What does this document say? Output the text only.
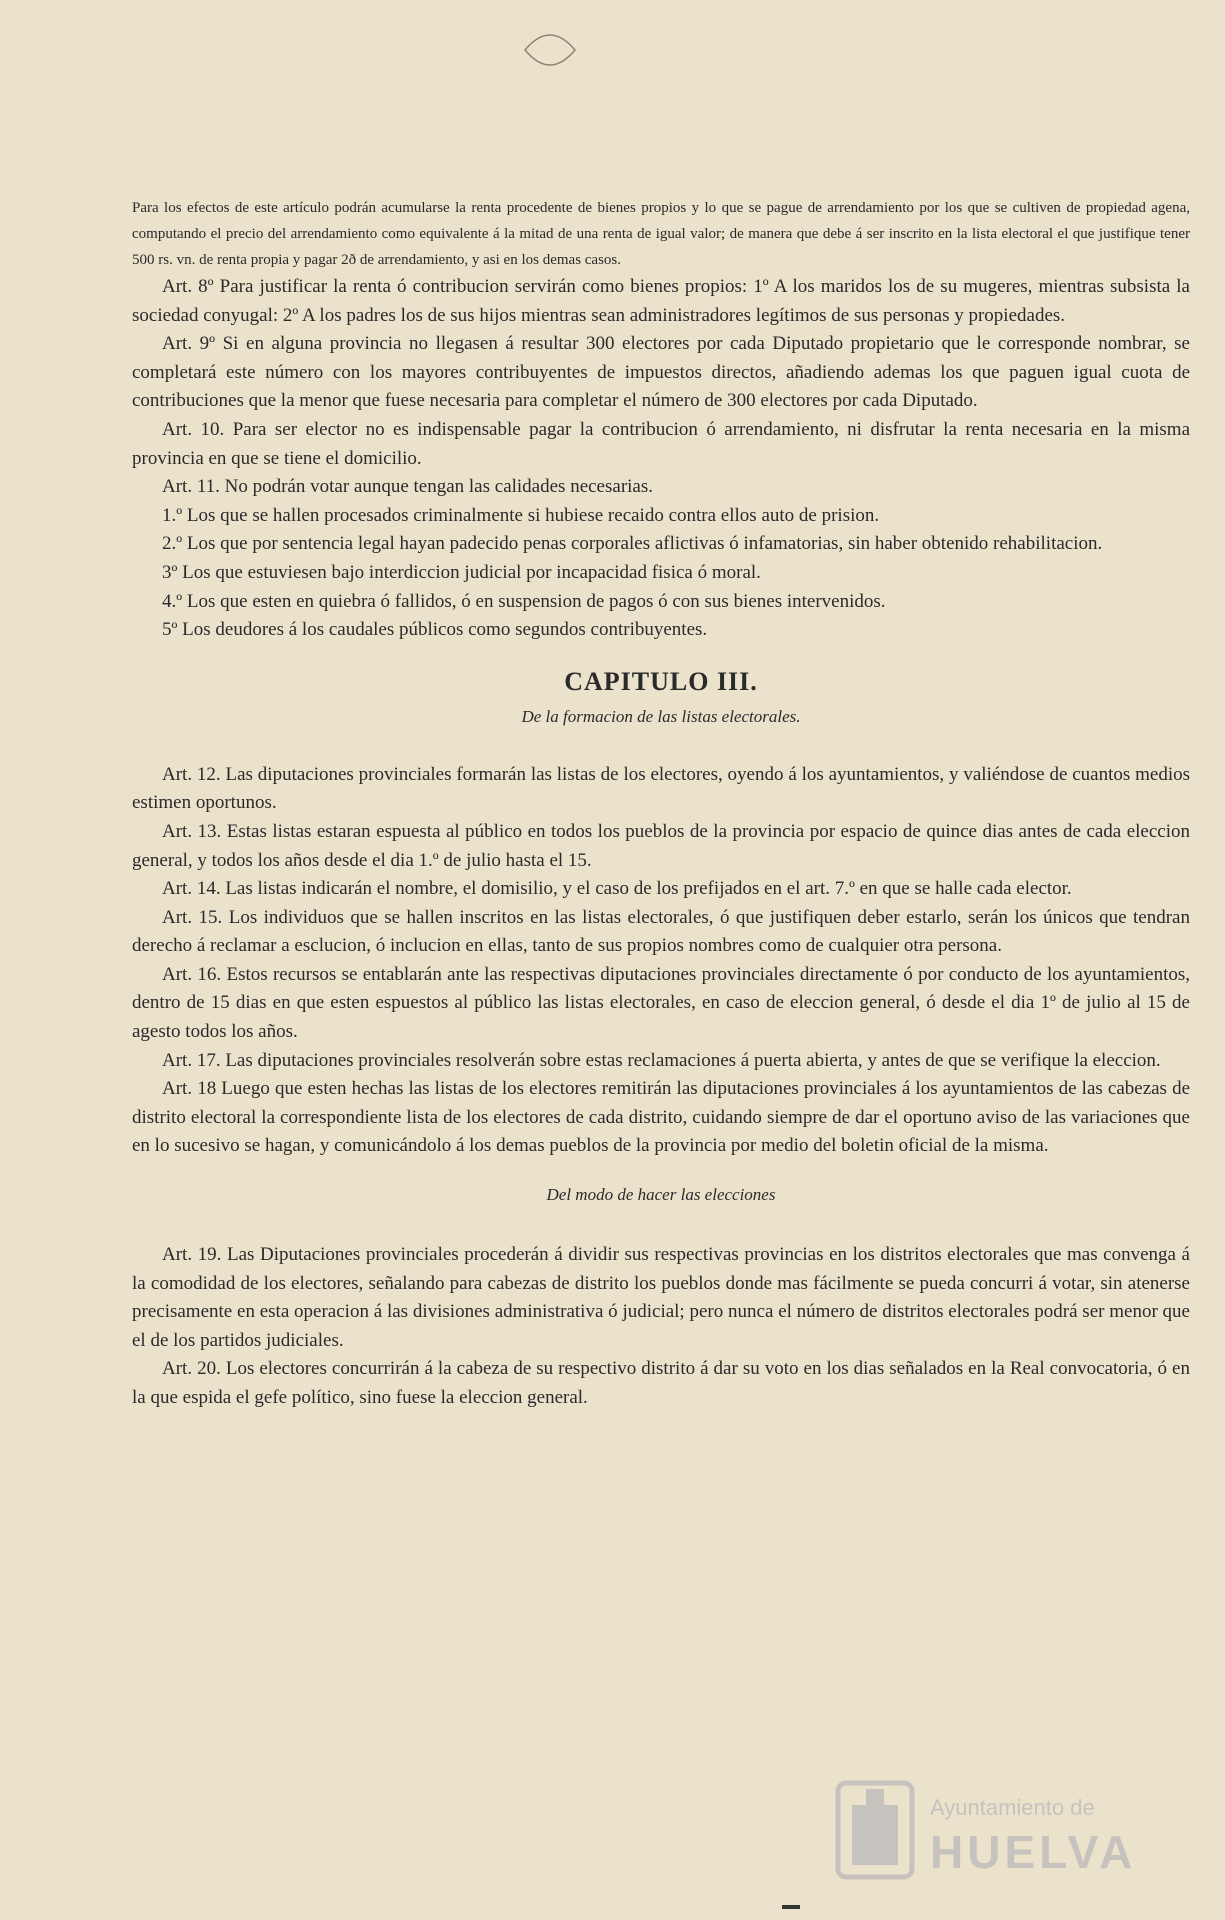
Para los efectos de este artículo podrán acumularse la renta procedente de bienes propios y lo que se pague de arrendamiento por los que se cultiven de propiedad agena, computando el precio del arrendamiento como equivalente á la mitad de una renta de igual valor; de manera que debe á ser inscrito en la lista electoral el que justifique tener 500 rs. vn. de renta propia y pagar 2ð de arrendamiento, y asi en los demas casos.

Art. 8º Para justificar la renta ó contribucion servirán como bienes propios: 1º A los maridos los de su mugeres, mientras subsista la sociedad conyugal: 2º A los padres los de sus hijos mientras sean administradores legítimos de sus personas y propiedades.

Art. 9º Si en alguna provincia no llegasen á resultar 300 electores por cada Diputado propietario que le corresponde nombrar, se completará este número con los mayores contribuyentes de impuestos directos, añadiendo ademas los que paguen igual cuota de contribuciones que la menor que fuese necesaria para completar el número de 300 electores por cada Diputado.

Art. 10. Para ser elector no es indispensable pagar la contribucion ó arrendamiento, ni disfrutar la renta necesaria en la misma provincia en que se tiene el domicilio.

Art. 11. No podrán votar aunque tengan las calidades necesarias.

1.º Los que se hallen procesados criminalmente si hubiese recaido contra ellos auto de prision.

2.º Los que por sentencia legal hayan padecido penas corporales aflictivas ó infamatorias, sin haber obtenido rehabilitacion.

3º Los que estuviesen bajo interdiccion judicial por incapacidad fisica ó moral.

4.º Los que esten en quiebra ó fallidos, ó en suspension de pagos ó con sus bienes intervenidos.

5º Los deudores á los caudales públicos como segundos contribuyentes.

CAPITULO III.
De la formacion de las listas electorales.

Art. 12. Las diputaciones provinciales formarán las listas de los electores, oyendo á los ayuntamientos, y valiéndose de cuantos medios estimen oportunos.

Art. 13. Estas listas estaran espuesta al público en todos los pueblos de la provincia por espacio de quince dias antes de cada eleccion general, y todos los años desde el dia 1.º de julio hasta el 15.

Art. 14. Las listas indicarán el nombre, el domisilio, y el caso de los prefijados en el art. 7.º en que se halle cada elector.

Art. 15. Los individuos que se hallen inscritos en las listas electorales, ó que justifiquen deber estarlo, serán los únicos que tendran derecho á reclamar a esclucion, ó inclucion en ellas, tanto de sus propios nombres como de cualquier otra persona.

Art. 16. Estos recursos se entablarán ante las respectivas diputaciones provinciales directamente ó por conducto de los ayuntamientos, dentro de 15 dias en que esten espuestos al público las listas electorales, en caso de eleccion general, ó desde el dia 1º de julio al 15 de agesto todos los años.

Art. 17. Las diputaciones provinciales resolverán sobre estas reclamaciones á puerta abierta, y antes de que se verifique la eleccion.

Art. 18 Luego que esten hechas las listas de los electores remitirán las diputaciones provinciales á los ayuntamientos de las cabezas de distrito electoral la correspondiente lista de los electores de cada distrito, cuidando siempre de dar el oportuno aviso de las variaciones que en lo sucesivo se hagan, y comunicándolo á los demas pueblos de la provincia por medio del boletin oficial de la misma.

Del modo de hacer las elecciones

Art. 19. Las Diputaciones provinciales procederán á dividir sus respectivas provincias en los distritos electorales que mas convenga á la comodidad de los electores, señalando para cabezas de distrito los pueblos donde mas fácilmente se pueda concurri á votar, sin atenerse precisamente en esta operacion á las divisiones administrativa ó judicial; pero nunca el número de distritos electorales podrá ser menor que el de los partidos judiciales.

Art. 20. Los electores concurrirán á la cabeza de su respectivo distrito á dar su voto en los dias señalados en la Real convocatoria, ó en la que espida el gefe político, sino fuese la eleccion general.

Ayuntamiento de
HUELVA
